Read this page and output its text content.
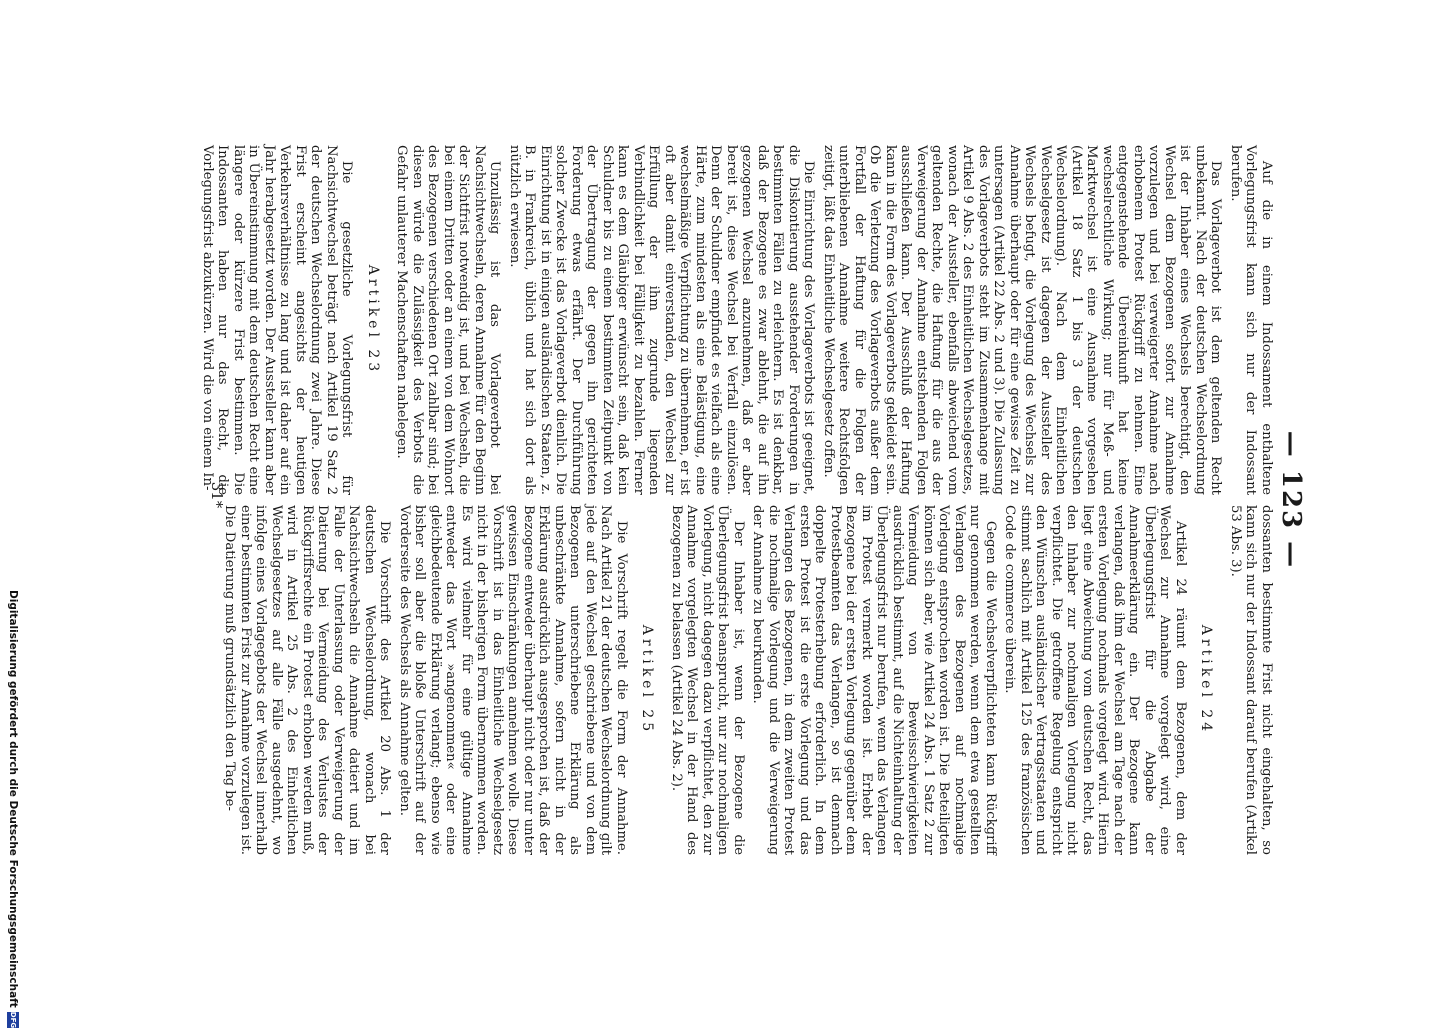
— 123 —

Auf die in einem Indossament enthaltene Vorlegungsfrist kann sich nur der Indossant berufen.

Das Vorlageverbot ist dem geltenden Recht unbekannt. Nach der deutschen Wechselordnung ist der Inhaber eines Wechsels berechtigt, den Wechsel dem Bezogenen sofort zur Annahme vorzulegen und bei verweigerter Annahme nach erhobenem Protest Rückgriff zu nehmen. Eine entgegenstehende Übereinkunft hat keine wechselrechtliche Wirkung; nur für Meß- und Marktwechsel ist eine Ausnahme vorgesehen (Artikel 18 Satz 1 bis 3 der deutschen Wechselordnung). Nach dem Einheitlichen Wechselgesetz ist dagegen der Aussteller des Wechsels befugt, die Vorlegung des Wechsels zur Annahme überhaupt oder für eine gewisse Zeit zu untersagen (Artikel 22 Abs. 2 und 3). Die Zulassung des Vorlageverbots steht im Zusammenhange mit Artikel 9 Abs. 2 des Einheitlichen Wechselgesetzes, wonach der Aussteller, ebenfalls abweichend vom geltenden Rechte, die Haftung für die aus der Verweigerung der Annahme entstehenden Folgen ausschließen kann. Der Ausschluß der Haftung kann in die Form des Vorlageverbots gekleidet sein. Ob die Verletzung des Vorlageverbots außer dem Fortfall der Haftung für die Folgen der unterbliebenen Annahme weitere Rechtsfolgen zeitigt, läßt das Einheitliche Wechselgesetz offen.

Die Einrichtung des Vorlageverbots ist geeignet, die Diskontierung ausstehender Forderungen in bestimmten Fällen zu erleichtern. Es ist denkbar, daß der Bezogene es zwar ablehnt, die auf ihn gezogenen Wechsel anzunehmen, daß er aber bereit ist, diese Wechsel bei Verfall einzulösen. Denn der Schuldner empfindet es vielfach als eine Härte, zum mindesten als eine Belästigung, eine wechselmäßige Verpflichtung zu übernehmen, er ist oft aber damit einverstanden, den Wechsel zur Erfüllung der ihm zugrunde liegenden Verbindlichkeit bei Fälligkeit zu bezahlen. Ferner kann es dem Gläubiger erwünscht sein, daß kein Schuldner bis zu einem bestimmten Zeitpunkt von der Übertragung der gegen ihn gerichteten Forderung etwas erfährt. Der Durchführung solcher Zwecke ist das Vorlageverbot dienlich. Die Einrichtung ist in einigen ausländischen Staaten, z. B. in Frankreich, üblich und hat sich dort als nützlich erwiesen.

Unzulässig ist das Vorlageverbot bei Nachsichtwechseln, deren Annahme für den Beginn der Sichtfrist notwendig ist, und bei Wechseln, die bei einem Dritten oder an einem von dem Wohnort des Bezogenen verschiedenen Ort zahlbar sind; bei diesen würde die Zulässigkeit des Verbots die Gefahr unlauterer Machenschaften nahelegen.

Artikel 23

Die gesetzliche Vorlegungsfrist für Nachsichtwechsel beträgt nach Artikel 19 Satz 2 der deutschen Wechselordnung zwei Jahre. Diese Frist erscheint angesichts der heutigen Verkehrsverhältnisse zu lang und ist daher auf ein Jahr herabgesetzt worden. Der Aussteller kann aber in Übereinstimmung mit dem deutschen Recht eine längere oder kürzere Frist bestimmen. Die Indossanten haben nur das Recht, die Vorlegungsfrist abzukürzen. Wird die von einem In-

dossanten bestimmte Frist nicht eingehalten, so kann sich nur der Indossant darauf berufen (Artikel 53 Abs. 3).

Artikel 24

Artikel 24 räumt dem Bezogenen, dem der Wechsel zur Annahme vorgelegt wird, eine Überlegungsfrist für die Abgabe der Annahmeerklärung ein. Der Bezogene kann verlangen, daß ihm der Wechsel am Tage nach der ersten Vorlegung nochmals vorgelegt wird. Hierin liegt eine Abweichung vom deutschen Recht, das den Inhaber zur nochmaligen Vorlegung nicht verpflichtet. Die getroffene Regelung entspricht den Wünschen ausländischer Vertragsstaaten und stimmt sachlich mit Artikel 125 des französischen Code de commerce überein.

Gegen die Wechselverpflichteten kann Rückgriff nur genommen werden, wenn dem etwa gestellten Verlangen des Bezogenen auf nochmalige Vorlegung entsprochen worden ist. Die Beteiligten können sich aber, wie Artikel 24 Abs. 1 Satz 2 zur Vermeidung von Beweisschwierigkeiten ausdrücklich bestimmt, auf die Nichteinhaltung der Überlegungsfrist nur berufen, wenn das Verlangen im Protest vermerkt worden ist. Erhebt der Bezogene bei der ersten Vorlegung gegenüber dem Protestbeamten das Verlangen, so ist demnach doppelte Protesterhebung erforderlich. In dem ersten Protest ist die erste Vorlegung und das Verlangen des Bezogenen, in dem zweiten Protest die nochmalige Vorlegung und die Verweigerung der Annahme zu beurkunden.

Der Inhaber ist, wenn der Bezogene die Überlegungsfrist beansprucht, nur zur nochmaligen Vorlegung, nicht dagegen dazu verpflichtet, den zur Annahme vorgelegten Wechsel in der Hand des Bezogenen zu belassen (Artikel 24 Abs. 2).

Artikel 25

Die Vorschrift regelt die Form der Annahme. Nach Artikel 21 der deutschen Wechselordnung gilt jede auf den Wechsel geschriebene und von dem Bezogenen unterschriebene Erklärung als unbeschränkte Annahme, sofern nicht in der Erklärung ausdrücklich ausgesprochen ist, daß der Bezogene entweder überhaupt nicht oder nur unter gewissen Einschränkungen annehmen wolle. Diese Vorschrift ist in das Einheitliche Wechselgesetz nicht in der bisherigen Form übernommen worden. Es wird vielmehr für eine gültige Annahme entweder das Wort »angenommen« oder eine gleichbedeutende Erklärung verlangt; ebenso wie bisher soll aber die bloße Unterschrift auf der Vorderseite des Wechsels als Annahme gelten.

Die Vorschrift des Artikel 20 Abs. 1 der deutschen Wechselordnung, wonach bei Nachsichtwechseln die Annahme datiert und im Falle der Unterlassung oder Verweigerung der Datierung bei Vermeidung des Verlustes der Rückgriffsrechte ein Protest erhoben werden muß, wird in Artikel 25 Abs. 2 des Einheitlichen Wechselgesetzes auf alle Fälle ausgedehnt, wo infolge eines Vorlagegebots der Wechsel innerhalb einer bestimmten Frist zur Annahme vorzulegen ist. Die Datierung muß grundsätzlich den Tag be-

31*
Digitalisierung gefördert durch die Deutsche Forschungsgemeinschaft
DFG
